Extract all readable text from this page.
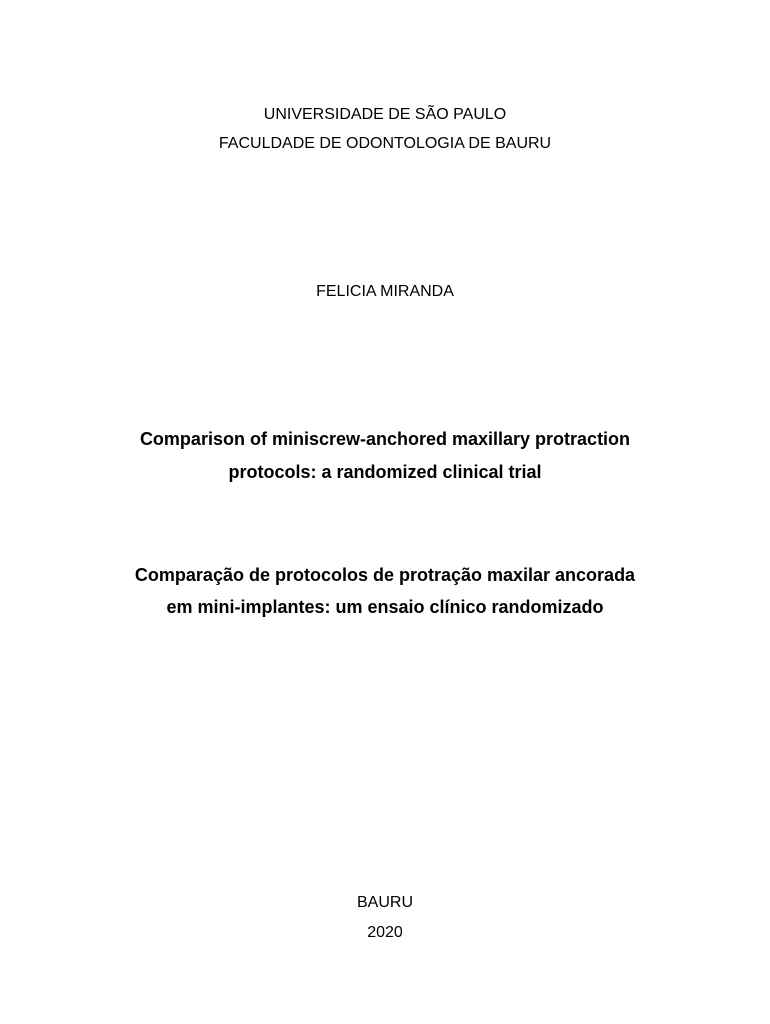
UNIVERSIDADE DE SÃO PAULO
FACULDADE DE ODONTOLOGIA DE BAURU
FELICIA MIRANDA
Comparison of miniscrew-anchored maxillary protraction
protocols: a randomized clinical trial
Comparação de protocolos de protração maxilar ancorada
em mini-implantes: um ensaio clínico randomizado
BAURU
2020
